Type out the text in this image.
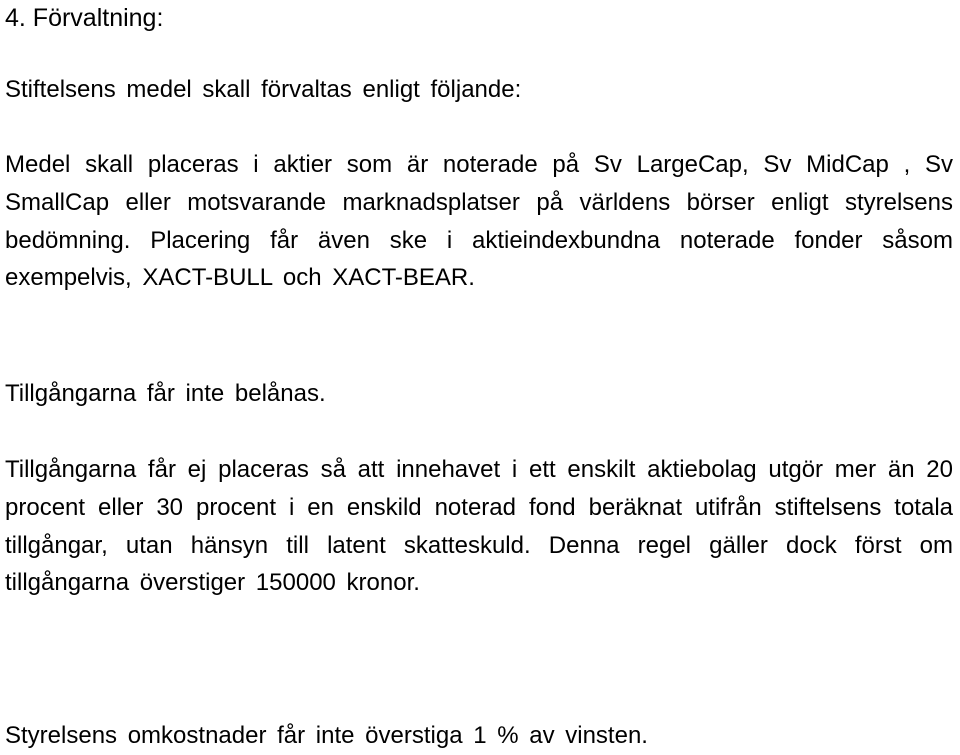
4. Förvaltning:

Stiftelsens medel skall förvaltas enligt följande:

Medel skall placeras i aktier som är noterade på Sv LargeCap, Sv MidCap , Sv SmallCap eller motsvarande marknadsplatser på världens börser enligt styrelsens bedömning. Placering får även ske i aktieindexbundna noterade fonder såsom exempelvis, XACT-BULL och XACT-BEAR.

Tillgångarna får inte belånas.

Tillgångarna får ej placeras så att innehavet i ett enskilt aktiebolag utgör mer än 20 procent eller 30 procent i en enskild noterad fond beräknat utifrån stiftelsens totala tillgångar, utan hänsyn till latent skatteskuld. Denna regel gäller dock först om tillgångarna överstiger 150000 kronor.

Styrelsens omkostnader får inte överstiga 1 % av vinsten.
